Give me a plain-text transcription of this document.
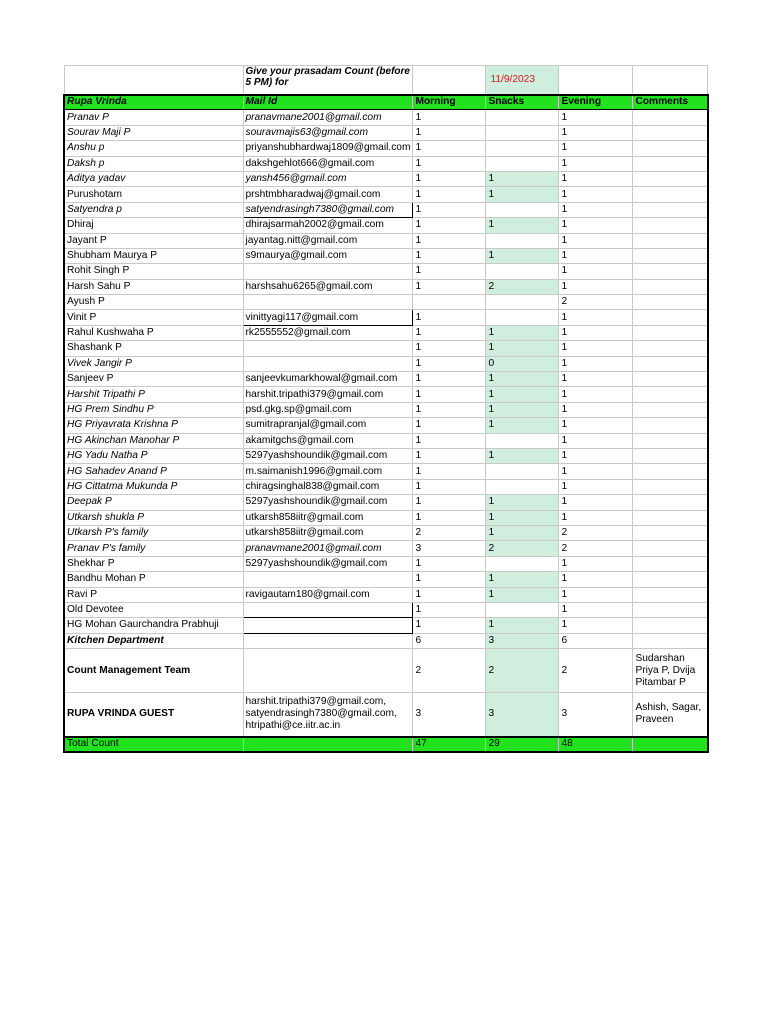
	Give your prasadam Count (before 5 PM) for		11/9/2023		
Rupa Vrinda	Mail Id	Morning	Snacks	Evening	Comments
Pranav P	pranavmane2001@gmail.com	1		1	
Sourav Maji P	souravmajis63@gmail.com	1		1	
Anshu p	priyanshubhardwaj1809@gmail.com	1		1	
Daksh p	dakshgehlot666@gmail.com	1		1	
Aditya yadav	yansh456@gmail.com	1	1	1	
Purushotam	prshtmbharadwaj@gmail.com	1	1	1	
Satyendra p	satyendrasingh7380@gmail.com	1		1	
Dhiraj	dhirajsarmah2002@gmail.com	1	1	1	
Jayant P	jayantag.nitt@gmail.com	1		1	
Shubham Maurya P	s9maurya@gmail.com	1	1	1	
Rohit Singh P		1		1	
Harsh Sahu P	harshsahu6265@gmail.com	1	2	1	
Ayush P				2	
Vinit P	vinittyagi117@gmail.com	1		1	
Rahul Kushwaha P	rk2555552@gmail.com	1	1	1	
Shashank P		1	1	1	
Vivek Jangir P		1	0	1	
Sanjeev P	sanjeevkumarkhowal@gmail.com	1	1	1	
Harshit Tripathi P	harshit.tripathi379@gmail.com	1	1	1	
HG Prem Sindhu P	psd.gkg.sp@gmail.com	1	1	1	
HG Priyavrata Krishna P	sumitrapranjal@gmail.com	1	1	1	
HG Akinchan Manohar P	akamitgchs@gmail.com	1		1	
HG Yadu Natha P	5297yashshoundik@gmail.com	1	1	1	
HG Sahadev Anand P	m.saimanish1996@gmail.com	1		1	
HG Cittatma Mukunda P	chiragsinghal838@gmail.com	1		1	
Deepak P	5297yashshoundik@gmail.com	1	1	1	
Utkarsh shukla P	utkarsh858iitr@gmail.com	1	1	1	
Utkarsh P's family	utkarsh858iitr@gmail.com	2	1	2	
Pranav P's family	pranavmane2001@gmail.com	3	2	2	
Shekhar P	5297yashshoundik@gmail.com	1		1	
Bandhu Mohan P		1	1	1	
Ravi P	ravigautam180@gmail.com	1	1	1	
Old Devotee		1		1	
HG Mohan Gaurchandra Prabhuji		1	1	1	
Kitchen Department		6	3	6	
Count Management Team		2	2	2	Sudarshan Priya P, Dvija Pitambar P
RUPA VRINDA GUEST	harshit.tripathi379@gmail.com, satyendrasingh7380@gmail.com, htripathi@ce.iitr.ac.in	3	3	3	Ashish, Sagar, Praveen
Total Count		47	29	48	
